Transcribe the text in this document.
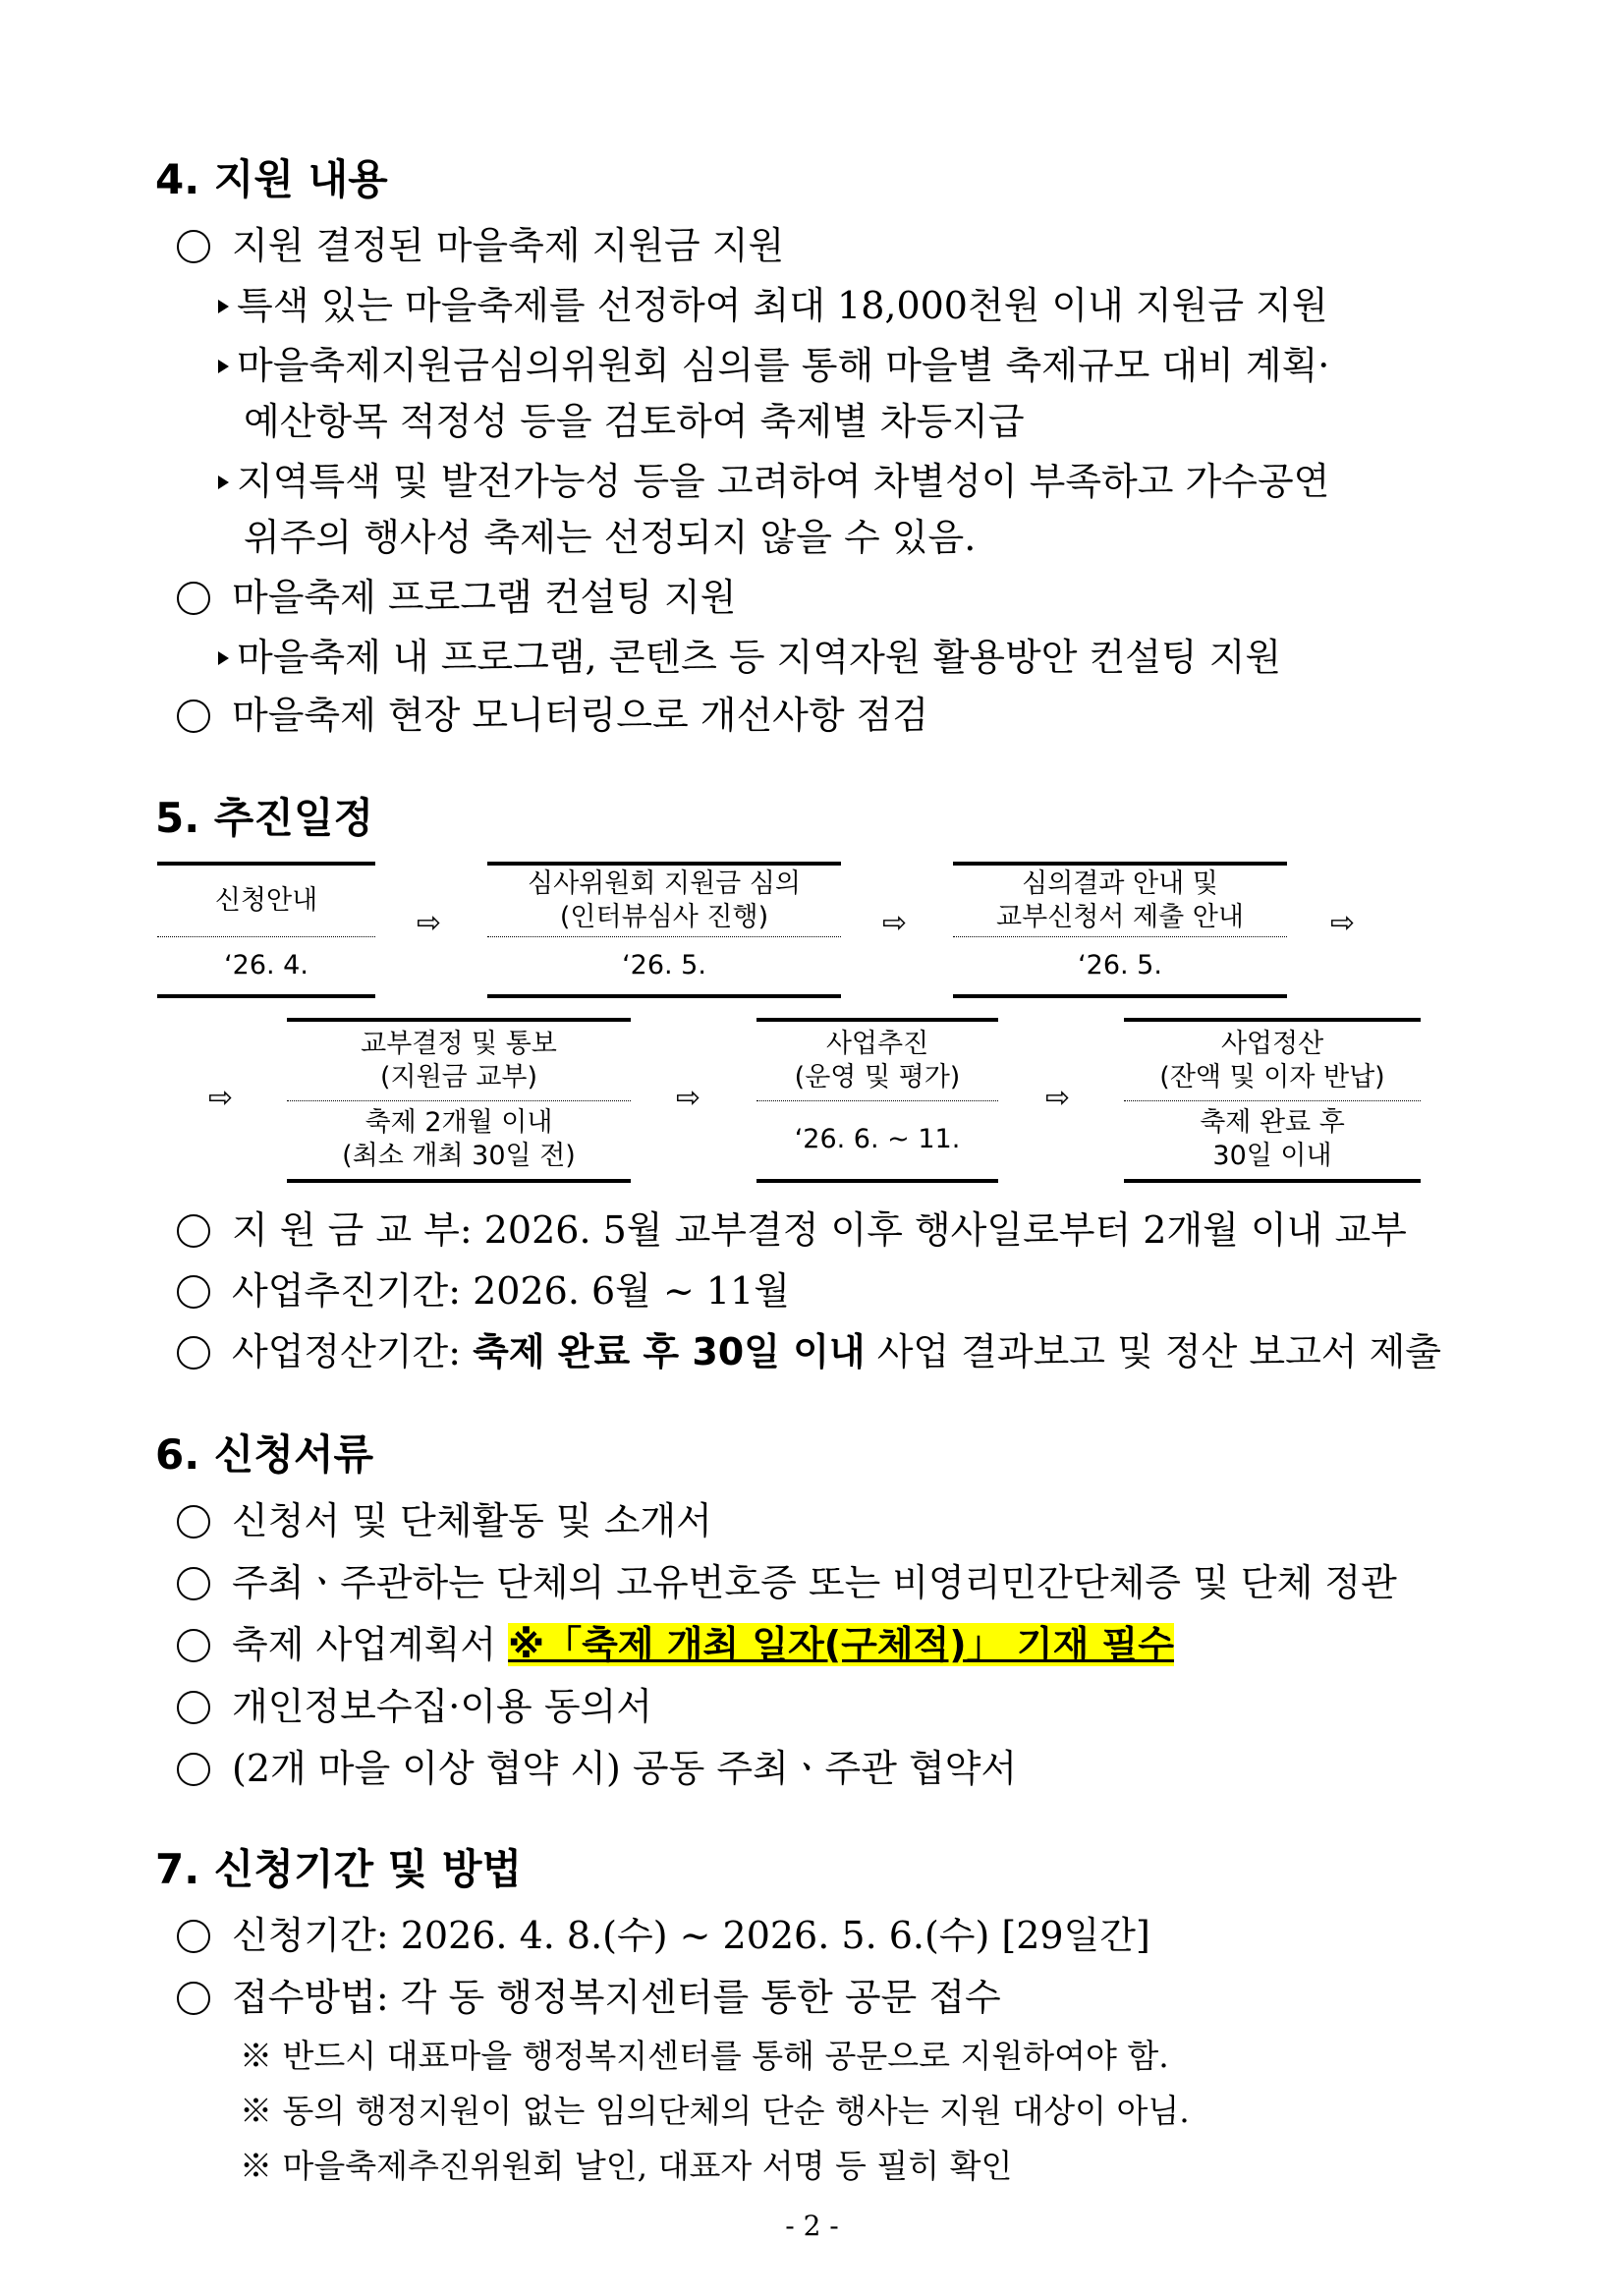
4. 지원 내용
지원 결정된 마을축제 지원금 지원
특색 있는 마을축제를 선정하여 최대 18,000천원 이내 지원금 지원
마을축제지원금심의위원회 심의를 통해 마을별 축제규모 대비 계획·
예산항목 적정성 등을 검토하여 축제별 차등지급
지역특색 및 발전가능성 등을 고려하여 차별성이 부족하고 가수공연
위주의 행사성 축제는 선정되지 않을 수 있음.
마을축제 프로그램 컨설팅 지원
마을축제 내 프로그램, 콘텐츠 등 지역자원 활용방안 컨설팅 지원
마을축제 현장 모니터링으로 개선사항 점검
5. 추진일정
신청안내
‘26. 4.
⇨
심사위원회 지원금 심의
(인터뷰심사 진행)
‘26. 5.
⇨
심의결과 안내 및
교부신청서 제출 안내
‘26. 5.
⇨
⇨
교부결정 및 통보
(지원금 교부)
축제 2개월 이내
(최소 개최 30일 전)
⇨
사업추진
(운영 및 평가)
‘26. 6. ~ 11.
⇨
사업정산
(잔액 및 이자 반납)
축제 완료 후
30일 이내
지 원 금 교 부: 2026. 5월 교부결정 이후 행사일로부터 2개월 이내 교부
사업추진기간: 2026. 6월 ~ 11월
사업정산기간: 축제 완료 후 30일 이내 사업 결과보고 및 정산 보고서 제출
6. 신청서류
신청서 및 단체활동 및 소개서
주최ㆍ주관하는 단체의 고유번호증 또는 비영리민간단체증 및 단체 정관
축제 사업계획서 ※「축제 개최 일자(구체적)」 기재 필수
개인정보수집·이용 동의서
(2개 마을 이상 협약 시) 공동 주최ㆍ주관 협약서
7. 신청기간 및 방법
신청기간: 2026. 4. 8.(수) ~ 2026. 5. 6.(수) [29일간]
접수방법: 각 동 행정복지센터를 통한 공문 접수
※ 반드시 대표마을 행정복지센터를 통해 공문으로 지원하여야 함.
※ 동의 행정지원이 없는 임의단체의 단순 행사는 지원 대상이 아님.
※ 마을축제추진위원회 날인, 대표자 서명 등 필히 확인
- 2 -
